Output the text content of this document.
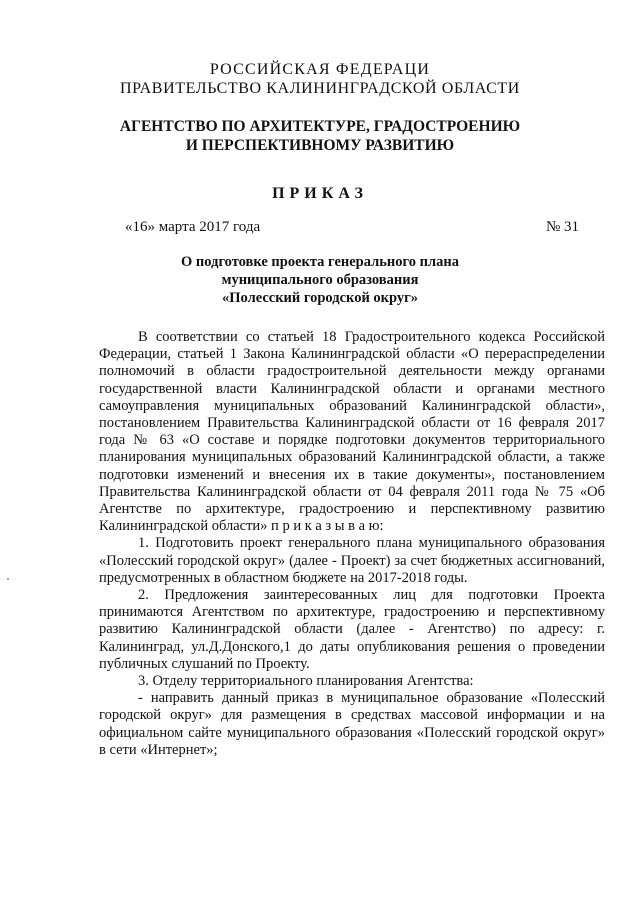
РОССИЙСКАЯ ФЕДЕРАЦИ
ПРАВИТЕЛЬСТВО КАЛИНИНГРАДСКОЙ ОБЛАСТИ
АГЕНТСТВО ПО АРХИТЕКТУРЕ, ГРАДОСТРОЕНИЮ
И ПЕРСПЕКТИВНОМУ РАЗВИТИЮ
ПРИКАЗ
«16» марта 2017 года	№ 31
О подготовке проекта генерального плана
муниципального образования
«Полесский городской округ»

В соответствии со статьей 18 Градостроительного кодекса Российской Федерации, статьей 1 Закона Калининградской области «О перераспределении полномочий в области градостроительной деятельности между органами государственной власти Калининградской области и органами местного самоуправления муниципальных образований Калининградской области», постановлением Правительства Калининградской области от 16 февраля 2017 года № 63 «О составе и порядке подготовки документов территориального планирования муниципальных образований Калининградской области, а также подготовки изменений и внесения их в такие документы», постановлением Правительства Калининградской области от 04 февраля 2011 года № 75 «Об Агентстве по архитектуре, градостроению и перспективному развитию Калининградской области» п р и к а з ы в а ю:

1. Подготовить проект генерального плана муниципального образования «Полесский городской округ» (далее - Проект) за счет бюджетных ассигнований, предусмотренных в областном бюджете на 2017-2018 годы.

2. Предложения заинтересованных лиц для подготовки Проекта принимаются Агентством по архитектуре, градостроению и перспективному развитию Калининградской области (далее - Агентство) по адресу: г. Калининград, ул.Д.Донского,1 до даты опубликования решения о проведении публичных слушаний по Проекту.

3. Отделу территориального планирования Агентства:

- направить данный приказ в муниципальное образование «Полесский городской округ» для размещения в средствах массовой информации и на официальном сайте муниципального образования «Полесский городской округ» в сети «Интернет»;
